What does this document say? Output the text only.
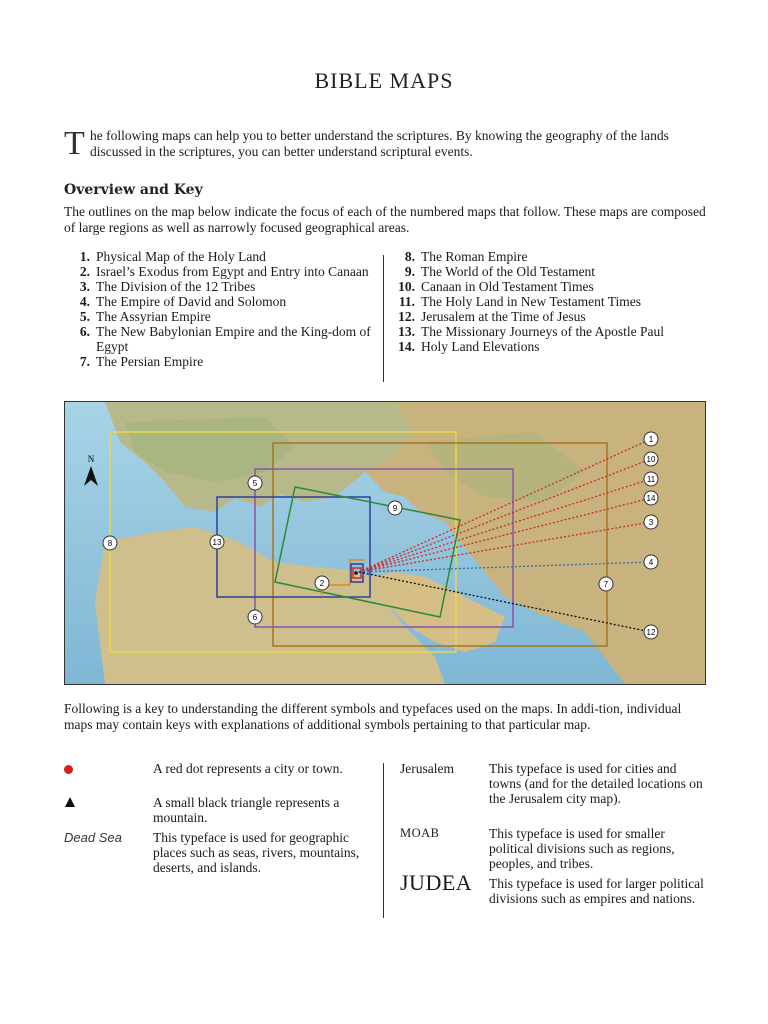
BIBLE MAPS
T he following maps can help you to better understand the scriptures. By knowing the geography of the lands discussed in the scriptures, you can better understand scriptural events.
Overview and Key
The outlines on the map below indicate the focus of each of the numbered maps that follow. These maps are composed of large regions as well as narrowly focused geographical areas.
1. Physical Map of the Holy Land
2. Israel’s Exodus from Egypt and Entry into Canaan
3. The Division of the 12 Tribes
4. The Empire of David and Solomon
5. The Assyrian Empire
6. The New Babylonian Empire and the King-dom of Egypt
7. The Persian Empire
8. The Roman Empire
9. The World of the Old Testament
10. Canaan in Old Testament Times
11. The Holy Land in New Testament Times
12. Jerusalem at the Time of Jesus
13. The Missionary Journeys of the Apostle Paul
14. Holy Land Elevations
N
1
10
11
14
3
4
7
12
5
9
8	13
2
6
Following is a key to understanding the different symbols and typefaces used on the maps. In addi-tion, individual maps may contain keys with explanations of additional symbols pertaining to that particular map.
A red dot represents a city or town.
A small black triangle represents a mountain.
Dead Sea This typeface is used for geographic places such as seas, rivers, mountains, deserts, and islands.
Jerusalem	This typeface is used for cities and towns (and for the detailed locations on the Jerusalem city map).
MOAB	This typeface is used for smaller political divisions such as regions, peoples, and tribes.
JUDEA This typeface is used for larger political divisions such as empires and nations.
